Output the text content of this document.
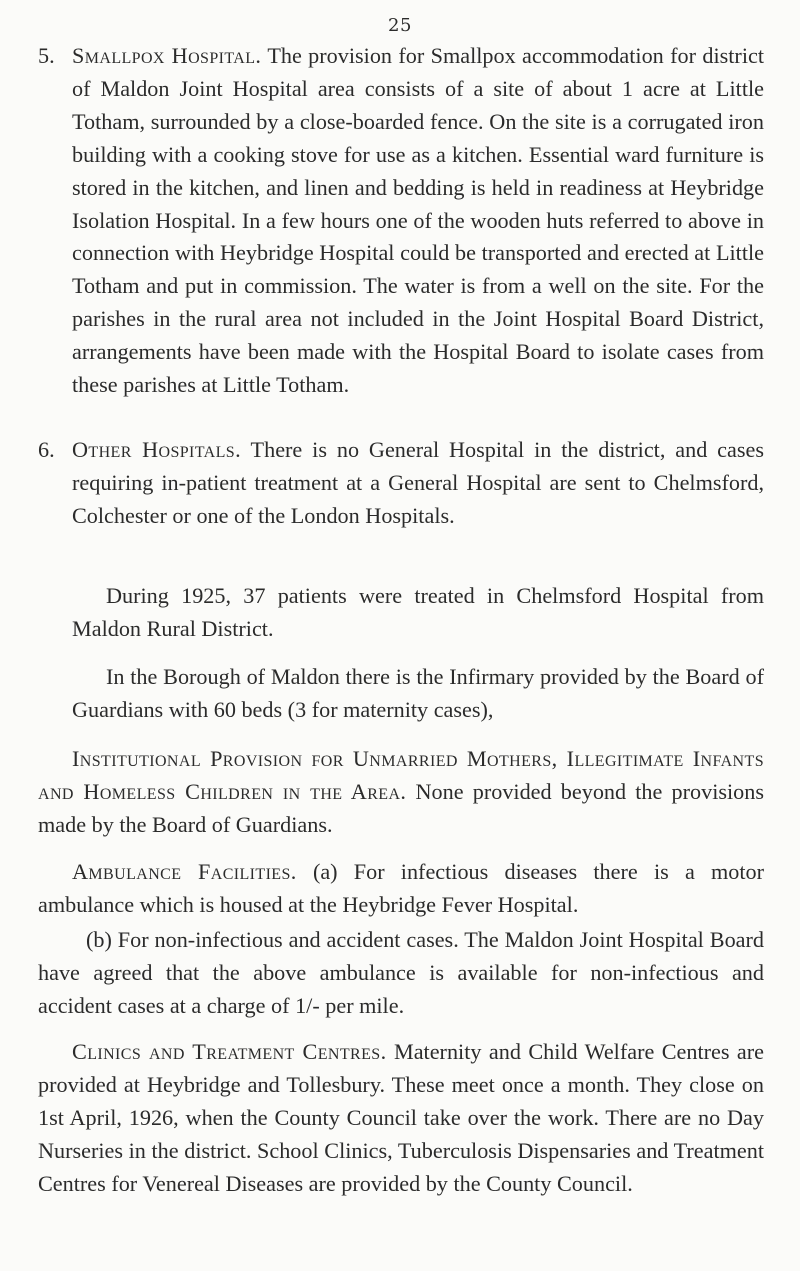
25
5. Smallpox Hospital. The provision for Smallpox accommodation for district of Maldon Joint Hospital area consists of a site of about 1 acre at Little Totham, surrounded by a close-boarded fence. On the site is a corrugated iron building with a cooking stove for use as a kitchen. Essential ward furniture is stored in the kitchen, and linen and bedding is held in readiness at Heybridge Isolation Hospital. In a few hours one of the wooden huts referred to above in connection with Heybridge Hospital could be transported and erected at Little Totham and put in commission. The water is from a well on the site. For the parishes in the rural area not included in the Joint Hospital Board District, arrangements have been made with the Hospital Board to isolate cases from these parishes at Little Totham.

6. Other Hospitals. There is no General Hospital in the district, and cases requiring in-patient treatment at a General Hospital are sent to Chelmsford, Colchester or one of the London Hospitals.

During 1925, 37 patients were treated in Chelmsford Hospital from Maldon Rural District.

In the Borough of Maldon there is the Infirmary provided by the Board of Guardians with 60 beds (3 for maternity cases),

Institutional Provision for Unmarried Mothers, Illegitimate Infants and Homeless Children in the Area. None provided beyond the provisions made by the Board of Guardians.

Ambulance Facilities. (a) For infectious diseases there is a motor ambulance which is housed at the Heybridge Fever Hospital.

(b) For non-infectious and accident cases. The Maldon Joint Hospital Board have agreed that the above ambulance is available for non-infectious and accident cases at a charge of 1/- per mile.

Clinics and Treatment Centres. Maternity and Child Welfare Centres are provided at Heybridge and Tollesbury. These meet once a month. They close on 1st April, 1926, when the County Council take over the work. There are no Day Nurseries in the district. School Clinics, Tuberculosis Dispensaries and Treatment Centres for Venereal Diseases are provided by the County Council.
